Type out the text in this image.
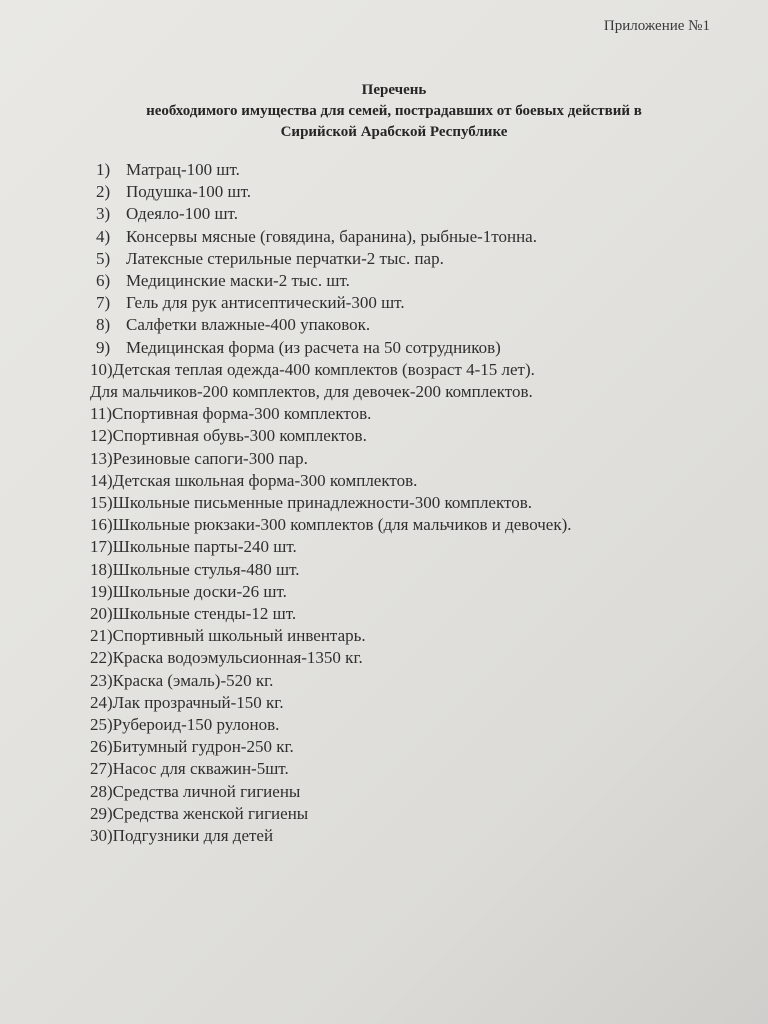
Приложение №1
Перечень
необходимого имущества для семей, пострадавших от боевых действий в
Сирийской Арабской Республике
1) Матрац-100 шт.
2) Подушка-100 шт.
3) Одеяло-100 шт.
4) Консервы мясные (говядина, баранина), рыбные-1тонна.
5) Латексные стерильные перчатки-2 тыс. пар.
6) Медицинские маски-2 тыс. шт.
7) Гель для рук антисептический-300 шт.
8) Салфетки влажные-400 упаковок.
9) Медицинская форма (из расчета на 50 сотрудников)
10)Детская теплая одежда-400 комплектов (возраст 4-15 лет).
Для мальчиков-200 комплектов, для девочек-200 комплектов.
11)Спортивная форма-300 комплектов.
12)Спортивная обувь-300 комплектов.
13)Резиновые сапоги-300 пар.
14)Детская школьная форма-300 комплектов.
15)Школьные письменные принадлежности-300 комплектов.
16)Школьные рюкзаки-300 комплектов (для мальчиков и девочек).
17)Школьные парты-240 шт.
18)Школьные стулья-480 шт.
19)Школьные доски-26 шт.
20)Школьные стенды-12 шт.
21)Спортивный школьный инвентарь.
22)Краска водоэмульсионная-1350 кг.
23)Краска (эмаль)-520 кг.
24)Лак прозрачный-150 кг.
25)Рубероид-150 рулонов.
26)Битумный гудрон-250 кг.
27)Насос для скважин-5шт.
28)Средства личной гигиены
29)Средства женской гигиены
30)Подгузники для детей
